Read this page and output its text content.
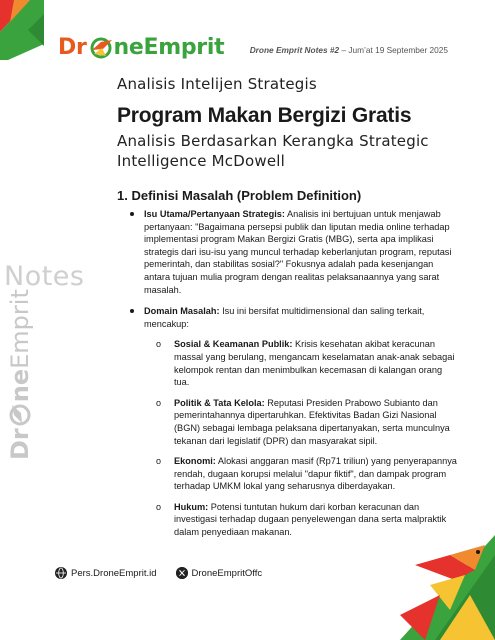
Dr neEmprit	Drone Emprit Notes #2 – Jum’at 19 September 2025
Notes
Dr
ne
Emprit
Analisis Intelijen Strategis
Program Makan Bergizi Gratis
Analisis Berdasarkan Kerangka Strategic Intelligence McDowell
1. Definisi Masalah (Problem Definition)
Isu Utama/Pertanyaan Strategis: Analisis ini bertujuan untuk menjawab pertanyaan: "Bagaimana persepsi publik dan liputan media online terhadap implementasi program Makan Bergizi Gratis (MBG), serta apa implikasi strategis dari isu-isu yang muncul terhadap keberlanjutan program, reputasi pemerintah, dan stabilitas sosial?" Fokusnya adalah pada kesenjangan antara tujuan mulia program dengan realitas pelaksanaannya yang sarat masalah.
Domain Masalah: Isu ini bersifat multidimensional dan saling terkait, mencakup:
o Sosial & Keamanan Publik: Krisis kesehatan akibat keracunan massal yang berulang, mengancam keselamatan anak-anak sebagai kelompok rentan dan menimbulkan kecemasan di kalangan orang tua.
o Politik & Tata Kelola: Reputasi Presiden Prabowo Subianto dan pemerintahannya dipertaruhkan. Efektivitas Badan Gizi Nasional (BGN) sebagai lembaga pelaksana dipertanyakan, serta munculnya tekanan dari legislatif (DPR) dan masyarakat sipil.
o Ekonomi: Alokasi anggaran masif (Rp71 triliun) yang penyerapannya rendah, dugaan korupsi melalui "dapur fiktif", dan dampak program terhadap UMKM lokal yang seharusnya diberdayakan.
o Hukum: Potensi tuntutan hukum dari korban keracunan dan investigasi terhadap dugaan penyelewengan dana serta malpraktik dalam penyediaan makanan.
Pers.DroneEmprit.id	DroneEmpritOffc
